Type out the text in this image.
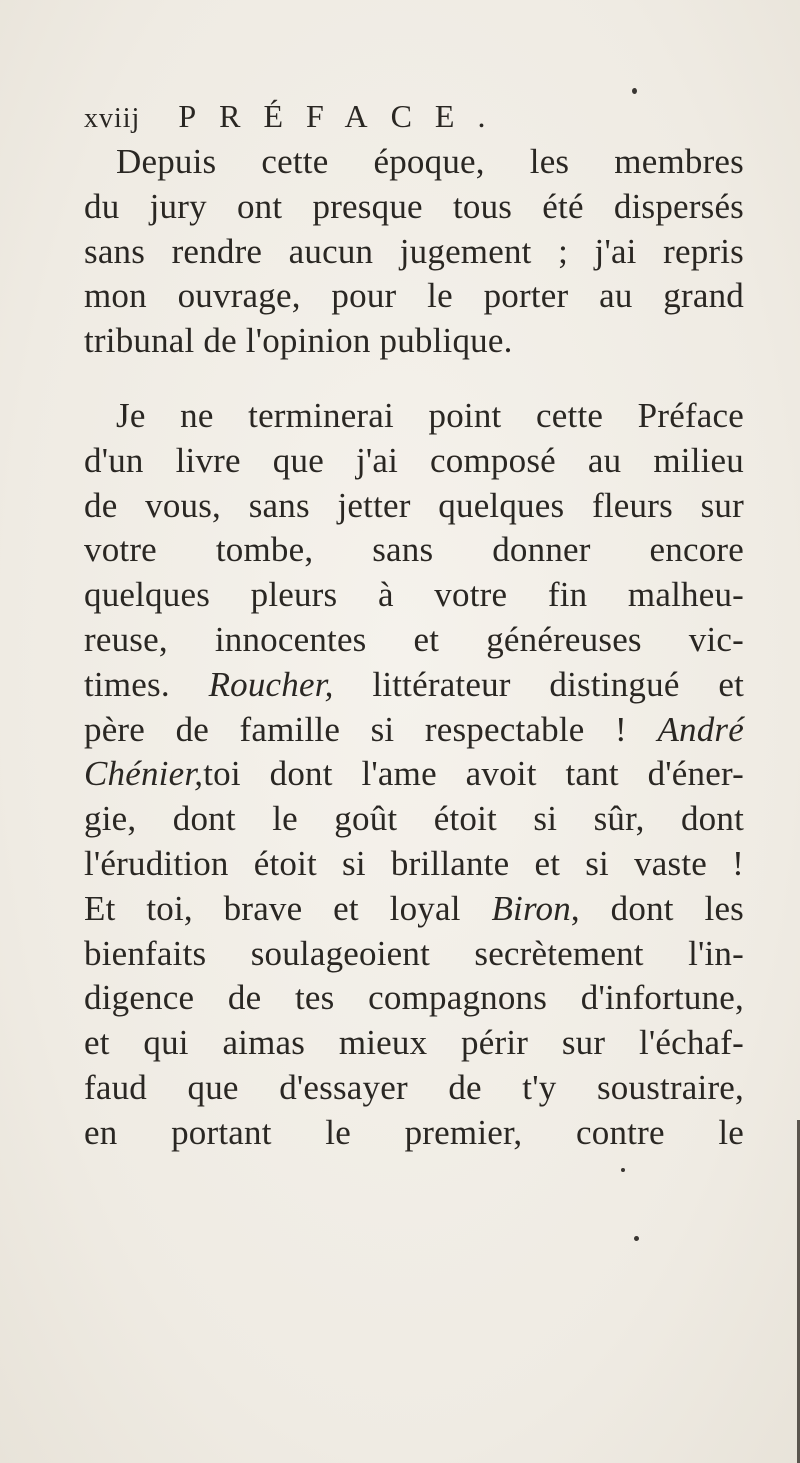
xviij PRÉFACE.
Depuis cette époque, les membres
du jury ont presque tous été dispersés
sans rendre aucun jugement ; j'ai repris
mon ouvrage, pour le porter au grand
tribunal de l'opinion publique.
Je ne terminerai point cette Préface
d'un livre que j'ai composé au milieu
de vous, sans jetter quelques fleurs sur
votre tombe, sans donner encore
quelques pleurs à votre fin malheu-
reuse, innocentes et généreuses vic-
times. Roucher, littérateur distingué et
père de famille si respectable ! André
Chénier,toi dont l'ame avoit tant d'éner-
gie, dont le goût étoit si sûr, dont
l'érudition étoit si brillante et si vaste !
Et toi, brave et loyal Biron, dont les
bienfaits soulageoient secrètement l'in-
digence de tes compagnons d'infortune,
et qui aimas mieux périr sur l'échaf-
faud que d'essayer de t'y soustraire,
en portant le premier, contre le
